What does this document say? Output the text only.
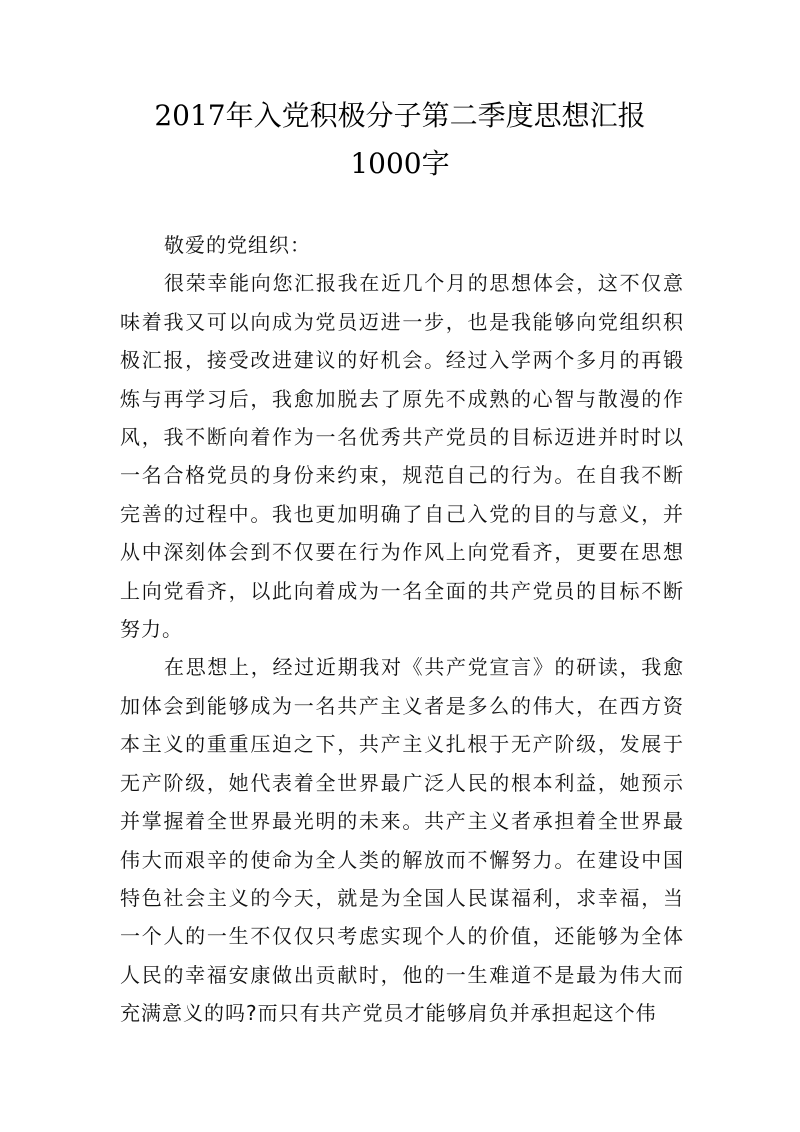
2017年入党积极分子第二季度思想汇报
1000字

敬爱的党组织：

很荣幸能向您汇报我在近几个月的思想体会，这不仅意味着我又可以向成为党员迈进一步，也是我能够向党组织积极汇报，接受改进建议的好机会。经过入学两个多月的再锻炼与再学习后，我愈加脱去了原先不成熟的心智与散漫的作风，我不断向着作为一名优秀共产党员的目标迈进并时时以一名合格党员的身份来约束，规范自己的行为。在自我不断完善的过程中。我也更加明确了自己入党的目的与意义，并从中深刻体会到不仅要在行为作风上向党看齐，更要在思想上向党看齐，以此向着成为一名全面的共产党员的目标不断努力。

在思想上，经过近期我对《共产党宣言》的研读，我愈加体会到能够成为一名共产主义者是多么的伟大，在西方资本主义的重重压迫之下，共产主义扎根于无产阶级，发展于无产阶级，她代表着全世界最广泛人民的根本利益，她预示并掌握着全世界最光明的未来。共产主义者承担着全世界最伟大而艰辛的使命为全人类的解放而不懈努力。在建设中国特色社会主义的今天，就是为全国人民谋福利，求幸福，当一个人的一生不仅仅只考虑实现个人的价值，还能够为全体人民的幸福安康做出贡献时，他的一生难道不是最为伟大而充满意义的吗?而只有共产党员才能够肩负并承担起这个伟
